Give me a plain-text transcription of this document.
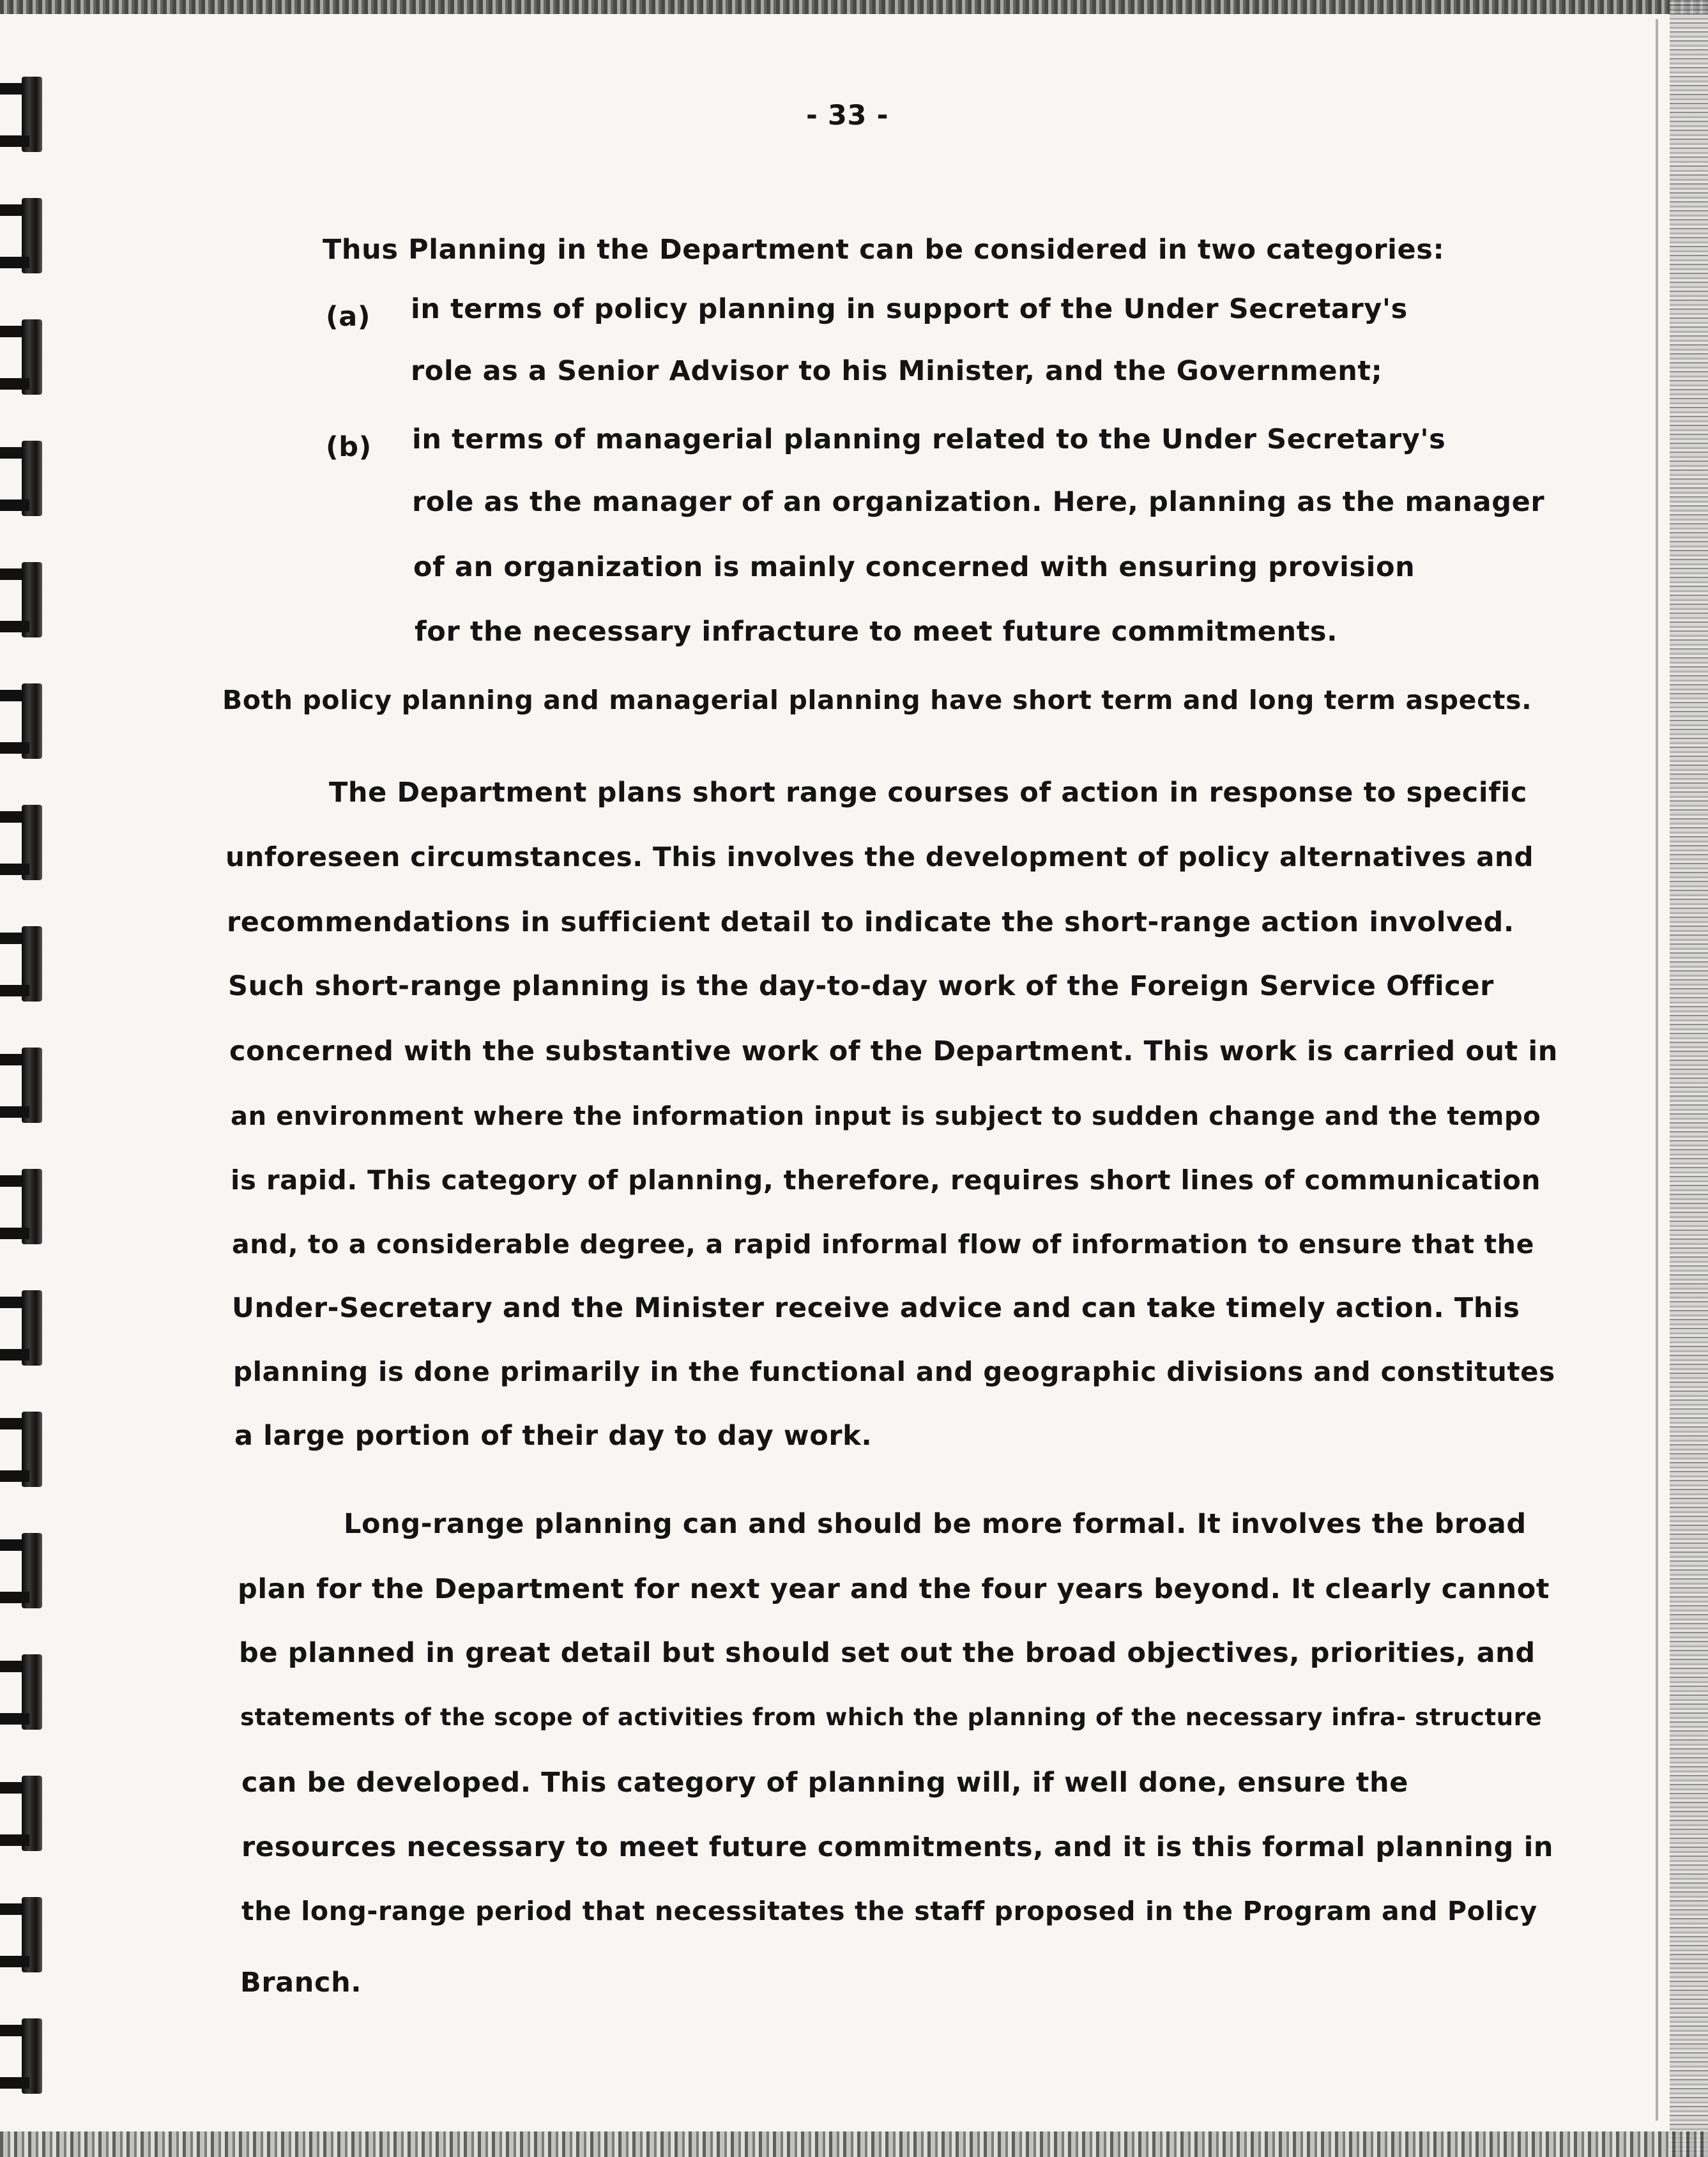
- 33 -
Thus Planning in the Department can be considered in two categories:
(a) in terms of policy planning in support of the Under Secretary's
role as a Senior Advisor to his Minister, and the Government;
(b) in terms of managerial planning related to the Under Secretary's
role as the manager of an organization. Here, planning as the manager
of an organization is mainly concerned with ensuring provision
for the necessary infracture to meet future commitments.
Both policy planning and managerial planning have short term and long term aspects.
The Department plans short range courses of action in response to specific
unforeseen circumstances. This involves the development of policy alternatives and
recommendations in sufficient detail to indicate the short-range action involved.
Such short-range planning is the day-to-day work of the Foreign Service Officer
concerned with the substantive work of the Department. This work is carried out in
an environment where the information input is subject to sudden change and the tempo
is rapid. This category of planning, therefore, requires short lines of communication
and, to a considerable degree, a rapid informal flow of information to ensure that the
Under-Secretary and the Minister receive advice and can take timely action. This
planning is done primarily in the functional and geographic divisions and constitutes
a large portion of their day to day work.
Long-range planning can and should be more formal. It involves the broad
plan for the Department for next year and the four years beyond. It clearly cannot
be planned in great detail but should set out the broad objectives, priorities, and
statements of the scope of activities from which the planning of the necessary infra- structure
can be developed. This category of planning will, if well done, ensure the
resources necessary to meet future commitments, and it is this formal planning in
the long-range period that necessitates the staff proposed in the Program and Policy
Branch.
